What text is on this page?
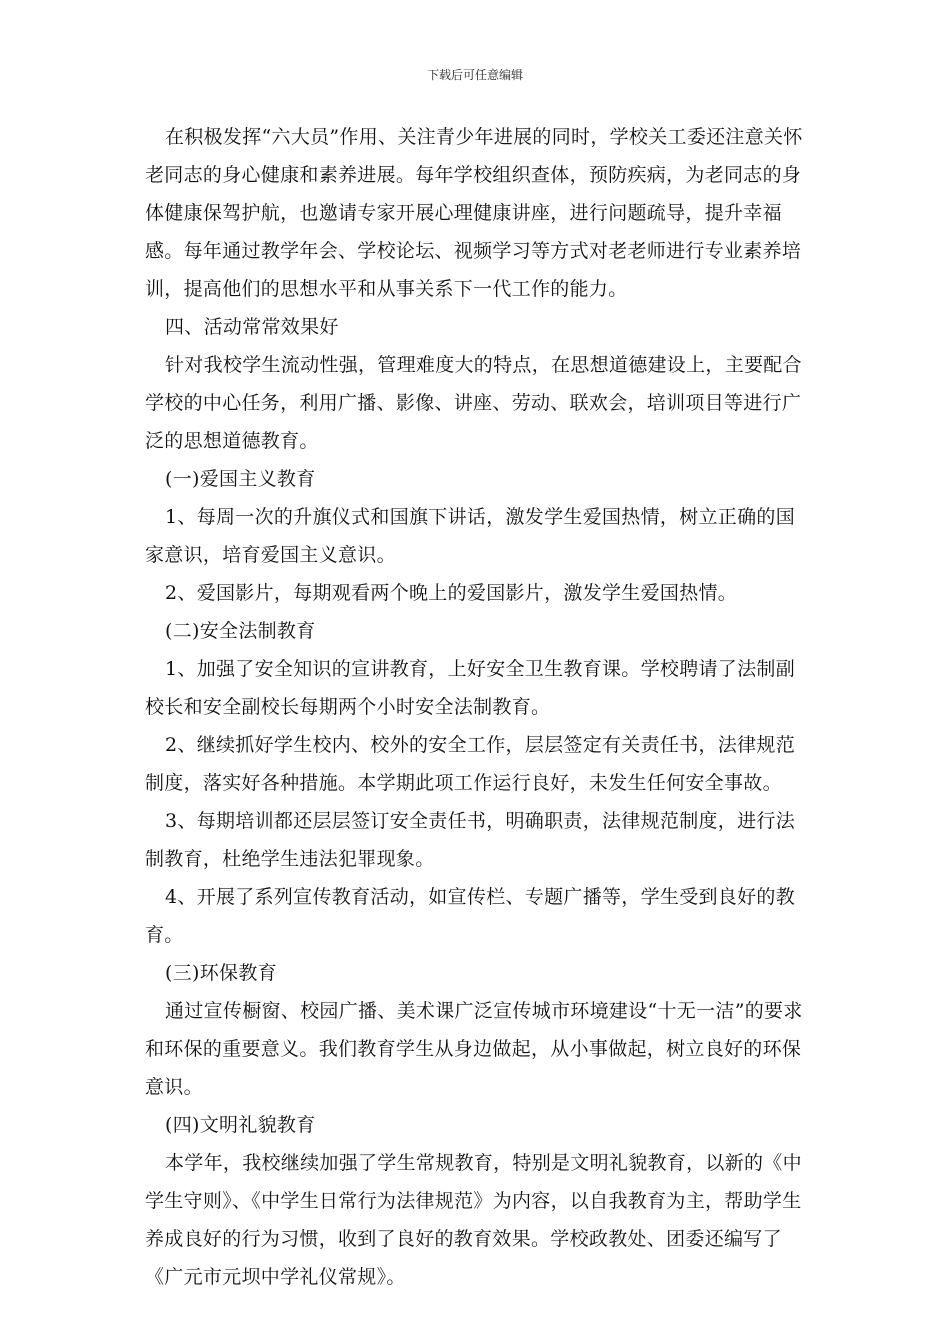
下载后可任意编辑

在积极发挥“六大员”作用、关注青少年进展的同时，学校关工委还注意关怀老同志的身心健康和素养进展。每年学校组织查体，预防疾病，为老同志的身体健康保驾护航，也邀请专家开展心理健康讲座，进行问题疏导，提升幸福感。每年通过教学年会、学校论坛、视频学习等方式对老老师进行专业素养培训，提高他们的思想水平和从事关系下一代工作的能力。

四、活动常常效果好

针对我校学生流动性强，管理难度大的特点，在思想道德建设上，主要配合学校的中心任务，利用广播、影像、讲座、劳动、联欢会，培训项目等进行广泛的思想道德教育。

(一)爱国主义教育

1、每周一次的升旗仪式和国旗下讲话，激发学生爱国热情，树立正确的国家意识，培育爱国主义意识。

2、爱国影片，每期观看两个晚上的爱国影片，激发学生爱国热情。

(二)安全法制教育

1、加强了安全知识的宣讲教育，上好安全卫生教育课。学校聘请了法制副校长和安全副校长每期两个小时安全法制教育。

2、继续抓好学生校内、校外的安全工作，层层签定有关责任书，法律规范制度，落实好各种措施。本学期此项工作运行良好，未发生任何安全事故。

3、每期培训都还层层签订安全责任书，明确职责，法律规范制度，进行法制教育，杜绝学生违法犯罪现象。

4、开展了系列宣传教育活动，如宣传栏、专题广播等，学生受到良好的教育。

(三)环保教育

通过宣传橱窗、校园广播、美术课广泛宣传城市环境建设“十无一洁”的要求和环保的重要意义。我们教育学生从身边做起，从小事做起，树立良好的环保意识。

(四)文明礼貌教育

本学年，我校继续加强了学生常规教育，特别是文明礼貌教育，以新的《中学生守则》、《中学生日常行为法律规范》为内容，以自我教育为主，帮助学生养成良好的行为习惯，收到了良好的教育效果。学校政教处、团委还编写了《广元市元坝中学礼仪常规》。
